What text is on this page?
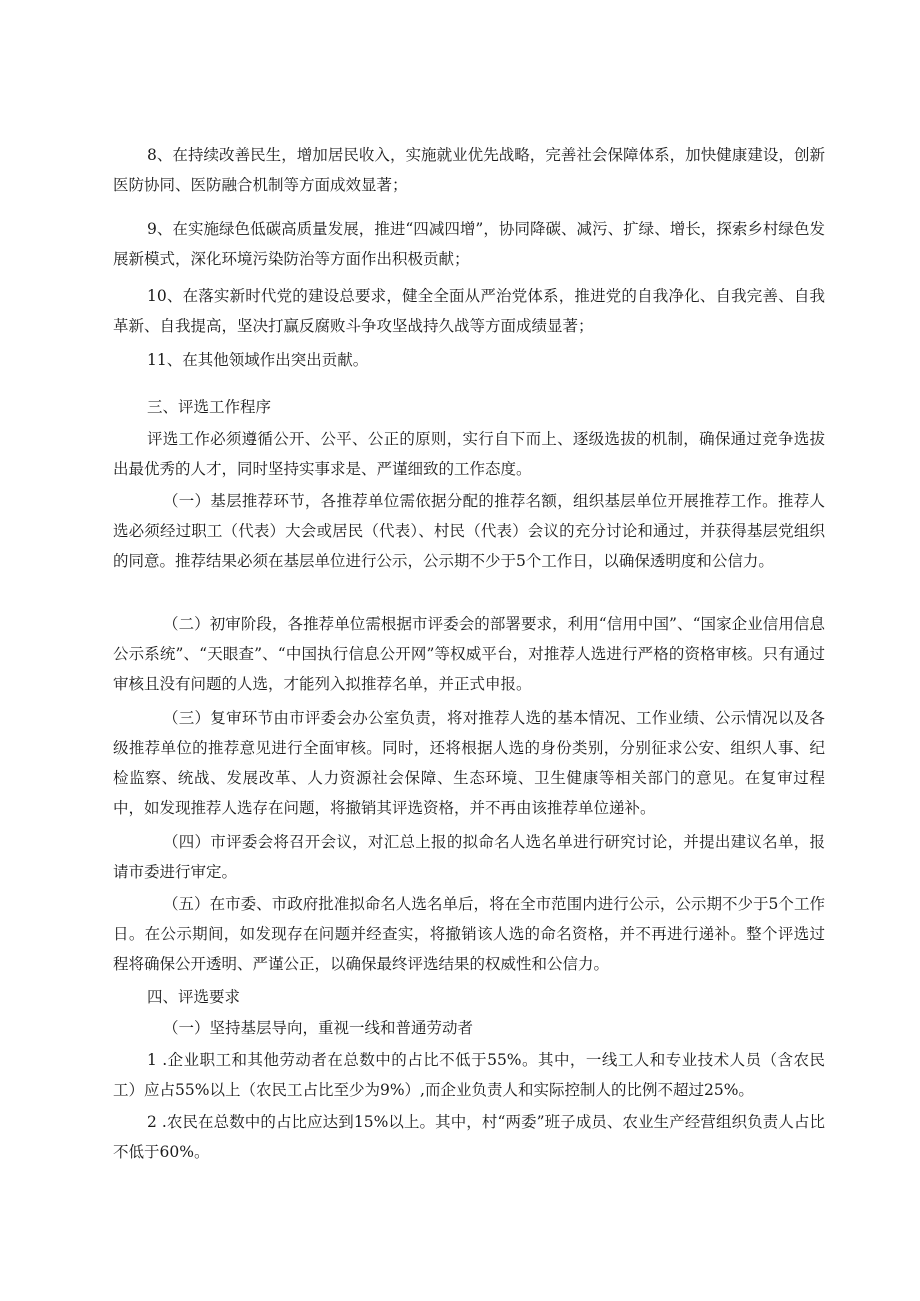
8、在持续改善民生，增加居民收入，实施就业优先战略，完善社会保障体系，加快健康建设，创新医防协同、医防融合机制等方面成效显著；

9、在实施绿色低碳高质量发展，推进“四减四增”，协同降碳、减污、扩绿、增长，探索乡村绿色发展新模式，深化环境污染防治等方面作出积极贡献；

10、在落实新时代党的建设总要求，健全全面从严治党体系，推进党的自我净化、自我完善、自我革新、自我提高，坚决打赢反腐败斗争攻坚战持久战等方面成绩显著；

11、在其他领域作出突出贡献。

三、评选工作程序

评选工作必须遵循公开、公平、公正的原则，实行自下而上、逐级选拔的机制，确保通过竞争选拔出最优秀的人才，同时坚持实事求是、严谨细致的工作态度。

（一）基层推荐环节，各推荐单位需依据分配的推荐名额，组织基层单位开展推荐工作。推荐人选必须经过职工（代表）大会或居民（代表）、村民（代表）会议的充分讨论和通过，并获得基层党组织的同意。推荐结果必须在基层单位进行公示，公示期不少于5个工作日，以确保透明度和公信力。

（二）初审阶段，各推荐单位需根据市评委会的部署要求，利用“信用中国”、“国家企业信用信息公示系统”、“天眼查”、“中国执行信息公开网”等权威平台，对推荐人选进行严格的资格审核。只有通过审核且没有问题的人选，才能列入拟推荐名单，并正式申报。

（三）复审环节由市评委会办公室负责，将对推荐人选的基本情况、工作业绩、公示情况以及各级推荐单位的推荐意见进行全面审核。同时，还将根据人选的身份类别，分别征求公安、组织人事、纪检监察、统战、发展改革、人力资源社会保障、生态环境、卫生健康等相关部门的意见。在复审过程中，如发现推荐人选存在问题，将撤销其评选资格，并不再由该推荐单位递补。

（四）市评委会将召开会议，对汇总上报的拟命名人选名单进行研究讨论，并提出建议名单，报请市委进行审定。

（五）在市委、市政府批准拟命名人选名单后，将在全市范围内进行公示，公示期不少于5个工作日。在公示期间，如发现存在问题并经查实，将撤销该人选的命名资格，并不再进行递补。整个评选过程将确保公开透明、严谨公正，以确保最终评选结果的权威性和公信力。

四、评选要求

（一）坚持基层导向，重视一线和普通劳动者

1 .企业职工和其他劳动者在总数中的占比不低于55%。其中，一线工人和专业技术人员（含农民工）应占55%以上（农民工占比至少为9%）,而企业负责人和实际控制人的比例不超过25%。

2 .农民在总数中的占比应达到15%以上。其中，村“两委”班子成员、农业生产经营组织负责人占比不低于60%。
